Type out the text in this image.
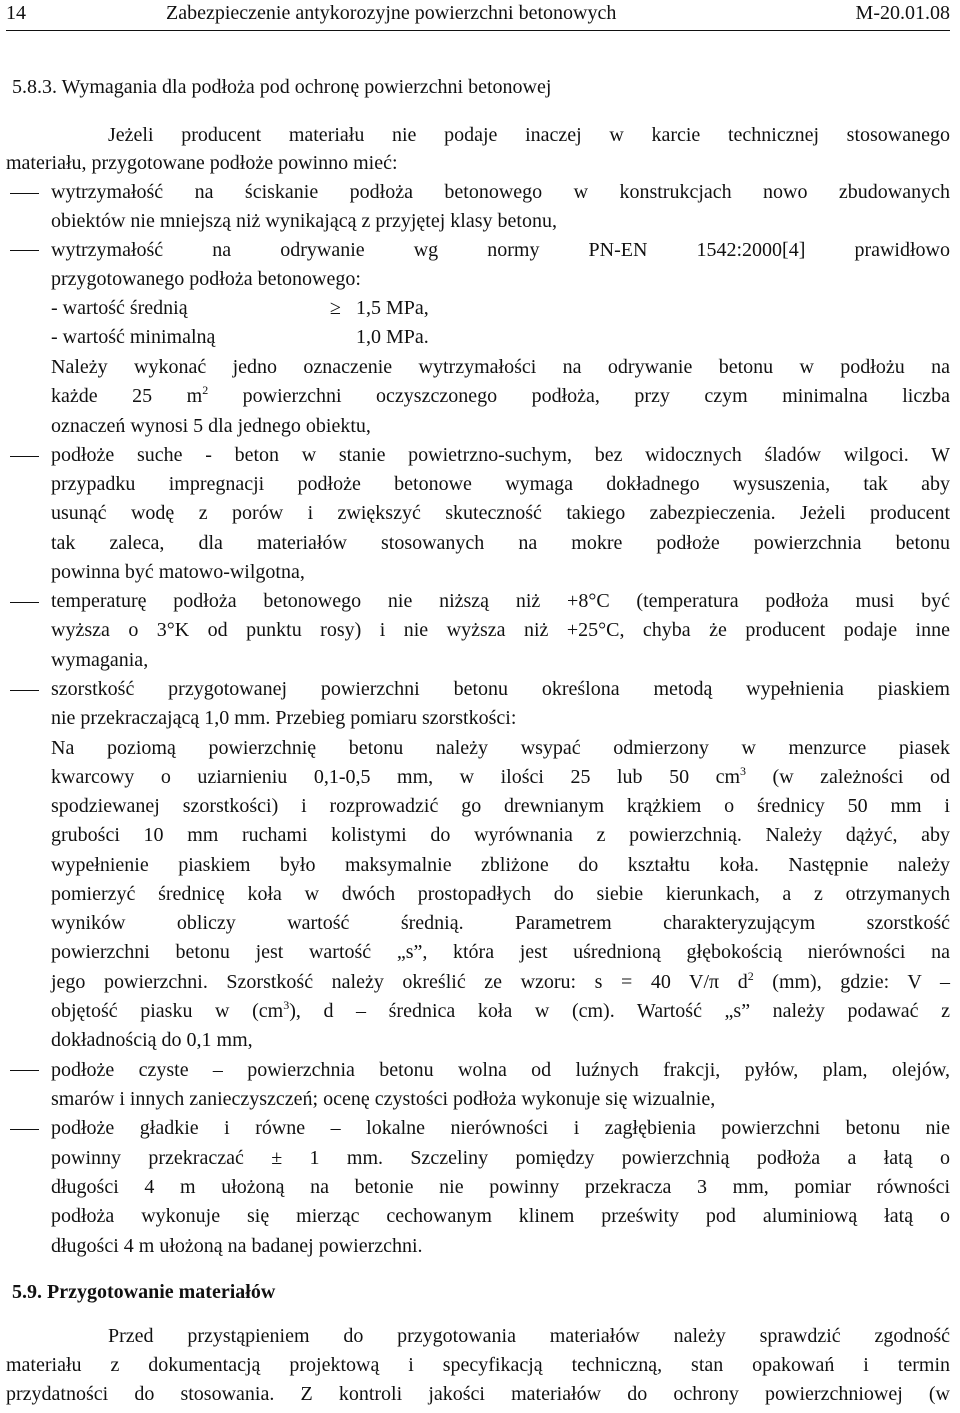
14	Zabezpieczenie antykorozyjne powierzchni betonowych	M-20.01.08
5.8.3. Wymagania dla podłoża pod ochronę powierzchni betonowej
Jeżeli producent materiału nie podaje inaczej w karcie technicznej stosowanego
materiału, przygotowane podłoże powinno mieć:
wytrzymałość na ściskanie podłoża betonowego w konstrukcjach nowo zbudowanych
obiektów nie mniejszą niż wynikającą z przyjętej klasy betonu,
wytrzymałość na odrywanie wg normy PN-EN 1542:2000[4] prawidłowo
przygotowanego podłoża betonowego:
- wartość średnią	≥ 1,5 MPa,
- wartość minimalną	1,0 MPa.
Należy wykonać jedno oznaczenie wytrzymałości na odrywanie betonu w podłożu na
każde 25 $m^2$ powierzchni oczyszczonego podłoża, przy czym minimalna liczba
oznaczeń wynosi 5 dla jednego obiektu,
podłoże suche - beton w stanie powietrzno-suchym, bez widocznych śladów wilgoci. W
przypadku impregnacji podłoże betonowe wymaga dokładnego wysuszenia, tak aby
usunąć wodę z porów i zwiększyć skuteczność takiego zabezpieczenia. Jeżeli producent
tak zaleca, dla materiałów stosowanych na mokre podłoże powierzchnia betonu
powinna być matowo-wilgotna,
temperaturę podłoża betonowego nie niższą niż +8°C (temperatura podłoża musi być
wyższa o 3°K od punktu rosy) i nie wyższa niż +25°C, chyba że producent podaje inne
wymagania,
szorstkość przygotowanej powierzchni betonu określona metodą wypełnienia piaskiem
nie przekraczającą 1,0 mm. Przebieg pomiaru szorstkości:
Na poziomą powierzchnię betonu należy wsypać odmierzony w menzurce piasek
kwarcowy o uziarnieniu 0,1-0,5 mm, w ilości 25 lub 50 $cm^3$ (w zależności od
spodziewanej szorstkości) i rozprowadzić go drewnianym krążkiem o średnicy 50 mm i
grubości 10 mm ruchami kolistymi do wyrównania z powierzchnią. Należy dążyć, aby
wypełnienie piaskiem było maksymalnie zbliżone do kształtu koła. Następnie należy
pomierzyć średnicę koła w dwóch prostopadłych do siebie kierunkach, a z otrzymanych
wyników obliczy wartość średnią. Parametrem charakteryzującym szorstkość
powierzchni betonu jest wartość „s”, która jest uśrednioną głębokością nierówności na
jego powierzchni. Szorstkość należy określić ze wzoru: s = 40 V/π $d^2$ (mm), gdzie: V –
objętość piasku w $(cm^3)$, d – średnica koła w (cm). Wartość „s” należy podawać z
dokładnością do 0,1 mm,
podłoże czyste – powierzchnia betonu wolna od luźnych frakcji, pyłów, plam, olejów,
smarów i innych zanieczyszczeń; ocenę czystości podłoża wykonuje się wizualnie,
podłoże gładkie i równe – lokalne nierówności i zagłębienia powierzchni betonu nie
powinny przekraczać ± 1 mm. Szczeliny pomiędzy powierzchnią podłoża a łatą o
długości 4 m ułożoną na betonie nie powinny przekracza 3 mm, pomiar równości
podłoża wykonuje się mierząc cechowanym klinem prześwity pod aluminiową łatą o
długości 4 m ułożoną na badanej powierzchni.
5.9. Przygotowanie materiałów
Przed przystąpieniem do przygotowania materiałów należy sprawdzić zgodność
materiału z dokumentacją projektową i specyfikacją techniczną, stan opakowań i termin
przydatności do stosowania. Z kontroli jakości materiałów do ochrony powierzchniowej (w
